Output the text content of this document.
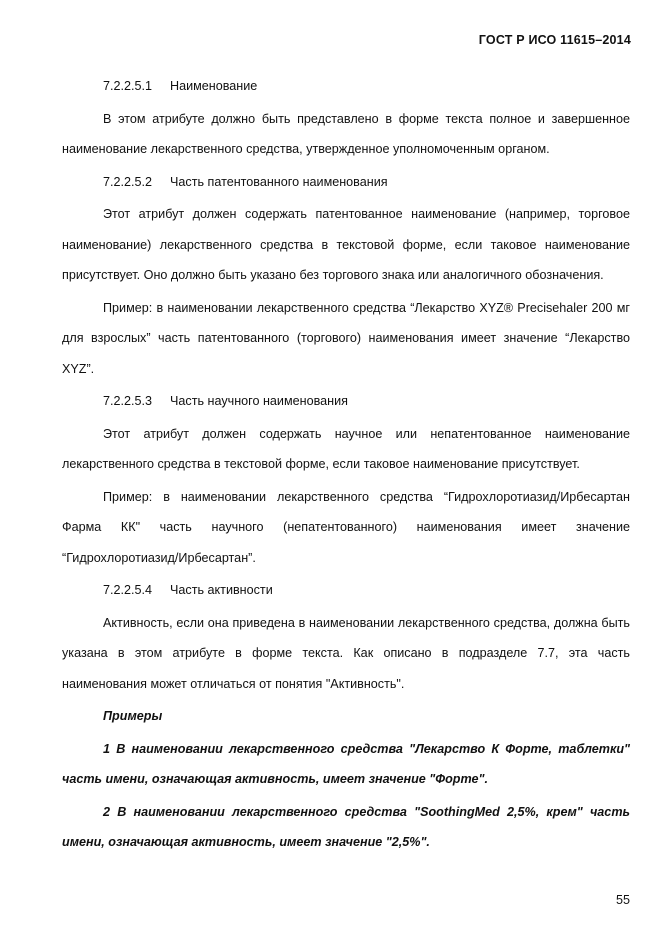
ГОСТ Р ИСО 11615–2014

7.2.2.5.1 Наименование

В этом атрибуте должно быть представлено в форме текста полное и завершенное наименование лекарственного средства, утвержденное уполномоченным органом.

7.2.2.5.2 Часть патентованного наименования

Этот атрибут должен содержать патентованное наименование (например, торговое наименование) лекарственного средства в текстовой форме, если таковое наименование присутствует. Оно должно быть указано без торгового знака или аналогичного обозначения.

Пример: в наименовании лекарственного средства “Лекарство XYZ® Precisehaler 200 мг для взрослых” часть патентованного (торгового) наименования имеет значение “Лекарство XYZ”.

7.2.2.5.3 Часть научного наименования

Этот атрибут должен содержать научное или непатентованное наименование лекарственного средства в текстовой форме, если таковое наименование присутствует.

Пример: в наименовании лекарственного средства “Гидрохлоротиазид/Ирбесартан Фарма КК" часть научного (непатентованного) наименования имеет значение “Гидрохлоротиазид/Ирбесартан”.

7.2.2.5.4 Часть активности

Активность, если она приведена в наименовании лекарственного средства, должна быть указана в этом атрибуте в форме текста. Как описано в подразделе 7.7, эта часть наименования может отличаться от понятия "Активность".

Примеры

1 В наименовании лекарственного средства "Лекарство К Форте, таблетки" часть имени, означающая активность, имеет значение "Форте".

2 В наименовании лекарственного средства "SoothingMed 2,5%, крем" часть имени, означающая активность, имеет значение "2,5%".

55
